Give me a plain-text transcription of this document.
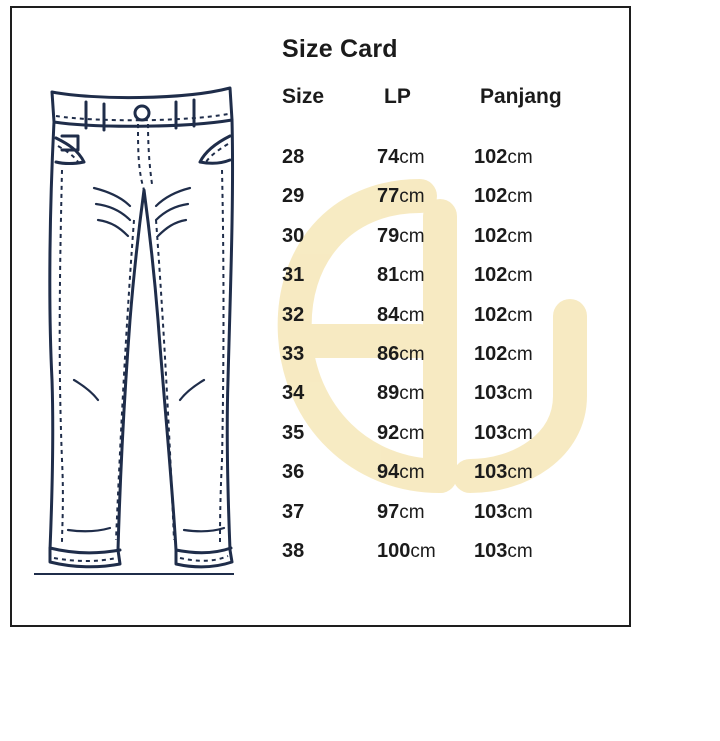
Size Card
Size	LP	Panjang
28	74cm 102cm
29	77cm 102cm
30	79cm 102cm
31	81cm 102cm
32	84cm 102cm
33	86cm 102cm
34	89cm 103cm
35	92cm 103cm
36	94cm 103cm
37	97cm 103cm
38	100cm 103cm
